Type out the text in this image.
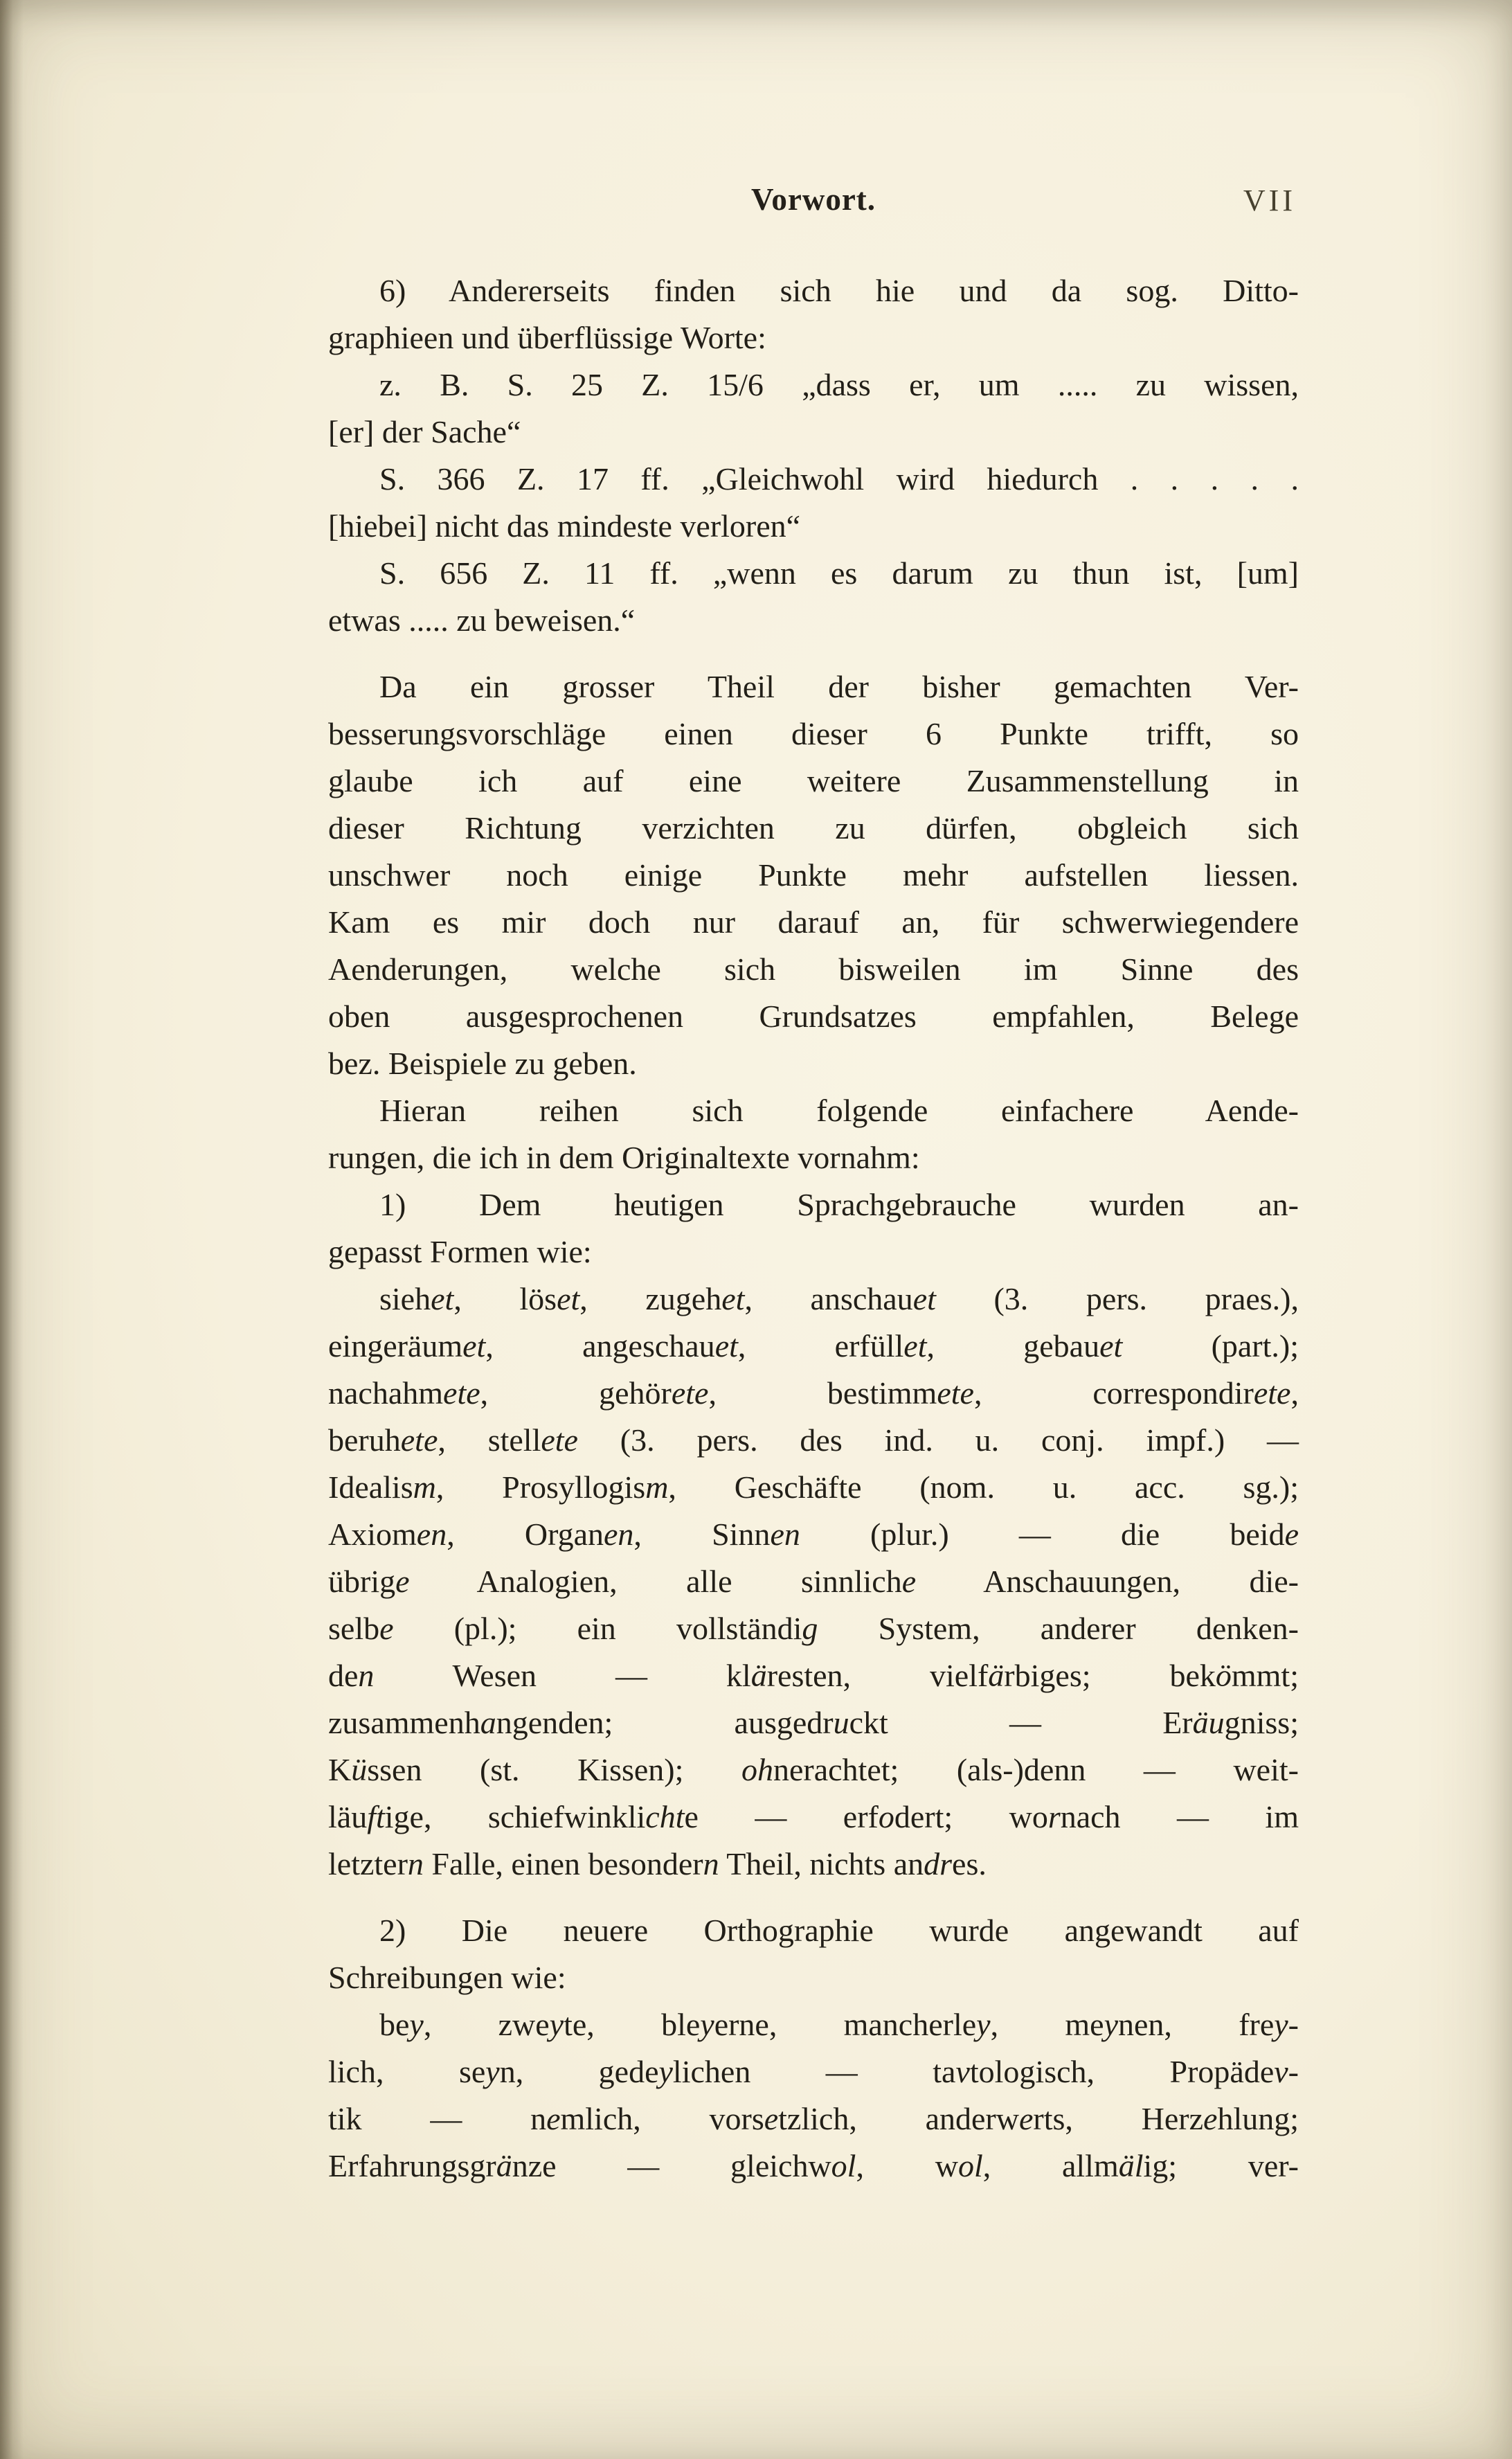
Vorwort.	VII
6) Andererseits finden sich hie und da sog. Ditto-
graphieen und überflüssige Worte:
z. B. S. 25 Z. 15/6 „dass er, um ..... zu wissen,
[er] der Sache“
S. 366 Z. 17 ff. „Gleichwohl wird hiedurch . . . . .
[hiebei] nicht das mindeste verloren“
S. 656 Z. 11 ff. „wenn es darum zu thun ist, [um]
etwas ..... zu beweisen.“
Da ein grosser Theil der bisher gemachten Ver-
besserungsvorschläge einen dieser 6 Punkte trifft, so
glaube ich auf eine weitere Zusammenstellung in
dieser Richtung verzichten zu dürfen, obgleich sich
unschwer noch einige Punkte mehr aufstellen liessen.
Kam es mir doch nur darauf an, für schwerwiegendere
Aenderungen, welche sich bisweilen im Sinne des
oben ausgesprochenen Grundsatzes empfahlen, Belege
bez. Beispiele zu geben.
Hieran reihen sich folgende einfachere Aende-
rungen, die ich in dem Originaltexte vornahm:
1) Dem heutigen Sprachgebrauche wurden an-
gepasst Formen wie:
siehet, löset, zugehet, anschauet (3. pers. praes.),
eingeräumet, angeschauet, erfüllet, gebauet (part.);
nachahmete, gehörete, bestimmete, correspondirete,
beruhete, stellete (3. pers. des ind. u. conj. impf.) —
Idealism, Prosyllogism, Geschäfte (nom. u. acc. sg.);
Axiomen, Organen, Sinnen (plur.) — die beide
übrige Analogien, alle sinnliche Anschauungen, die-
selbe (pl.); ein vollständig System, anderer denken-
den Wesen — kläresten, vielfärbiges; bekömmt;
zusammenhangenden; ausgedruckt — Eräugniss;
Küssen (st. Kissen); ohnerachtet; (als-)denn — weit-
läuftige, schiefwinklichte — erfodert; wornach — im
letztern Falle, einen besondern Theil, nichts andres.
2) Die neuere Orthographie wurde angewandt auf
Schreibungen wie:
bey, zweyte, bleyerne, mancherley, meynen, frey-
lich, seyn, gedeylichen — tavtologisch, Propädev-
tik — nemlich, vorsetzlich, anderwerts, Herzehlung;
Erfahrungsgränze — gleichwol, wol, allmälig; ver-
